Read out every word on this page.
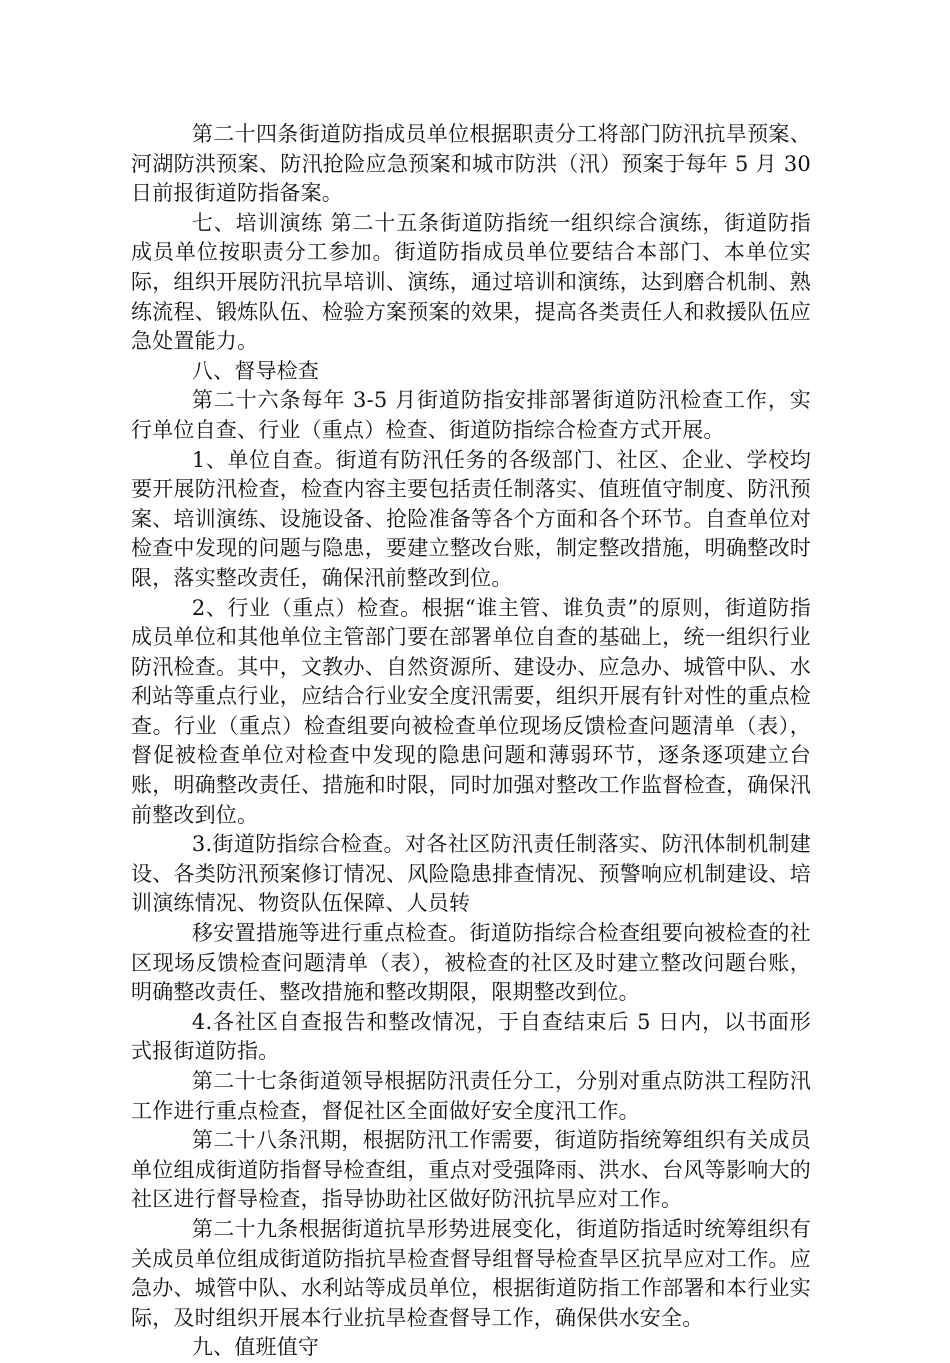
第二十四条街道防指成员单位根据职责分工将部门防汛抗旱预案、河湖防洪预案、防汛抢险应急预案和城市防洪（汛）预案于每年 5 月 30 日前报街道防指备案。

七、培训演练 第二十五条街道防指统一组织综合演练，街道防指成员单位按职责分工参加。街道防指成员单位要结合本部门、本单位实际，组织开展防汛抗旱培训、演练，通过培训和演练，达到磨合机制、熟练流程、锻炼队伍、检验方案预案的效果，提高各类责任人和救援队伍应急处置能力。

八、督导检查

第二十六条每年 3-5 月街道防指安排部署街道防汛检查工作，实行单位自查、行业（重点）检查、街道防指综合检查方式开展。

1、单位自查。街道有防汛任务的各级部门、社区、企业、学校均要开展防汛检查，检查内容主要包括责任制落实、值班值守制度、防汛预案、培训演练、设施设备、抢险准备等各个方面和各个环节。自查单位对检查中发现的问题与隐患，要建立整改台账，制定整改措施，明确整改时限，落实整改责任，确保汛前整改到位。

2、行业（重点）检查。根据“谁主管、谁负责”的原则，街道防指成员单位和其他单位主管部门要在部署单位自查的基础上，统一组织行业防汛检查。其中，文教办、自然资源所、建设办、应急办、城管中队、水利站等重点行业，应结合行业安全度汛需要，组织开展有针对性的重点检查。行业（重点）检查组要向被检查单位现场反馈检查问题清单（表），督促被检查单位对检查中发现的隐患问题和薄弱环节，逐条逐项建立台账，明确整改责任、措施和时限，同时加强对整改工作监督检查，确保汛前整改到位。

3.街道防指综合检查。对各社区防汛责任制落实、防汛体制机制建设、各类防汛预案修订情况、风险隐患排查情况、预警响应机制建设、培训演练情况、物资队伍保障、人员转

移安置措施等进行重点检查。街道防指综合检查组要向被检查的社区现场反馈检查问题清单（表），被检查的社区及时建立整改问题台账，明确整改责任、整改措施和整改期限，限期整改到位。

4.各社区自查报告和整改情况，于自查结束后 5 日内，以书面形式报街道防指。

第二十七条街道领导根据防汛责任分工，分别对重点防洪工程防汛工作进行重点检查，督促社区全面做好安全度汛工作。

第二十八条汛期，根据防汛工作需要，街道防指统筹组织有关成员单位组成街道防指督导检查组，重点对受强降雨、洪水、台风等影响大的社区进行督导检查，指导协助社区做好防汛抗旱应对工作。

第二十九条根据街道抗旱形势进展变化，街道防指适时统筹组织有关成员单位组成街道防指抗旱检查督导组督导检查旱区抗旱应对工作。应急办、城管中队、水利站等成员单位，根据街道防指工作部署和本行业实际，及时组织开展本行业抗旱检查督导工作，确保供水安全。

九、值班值守
